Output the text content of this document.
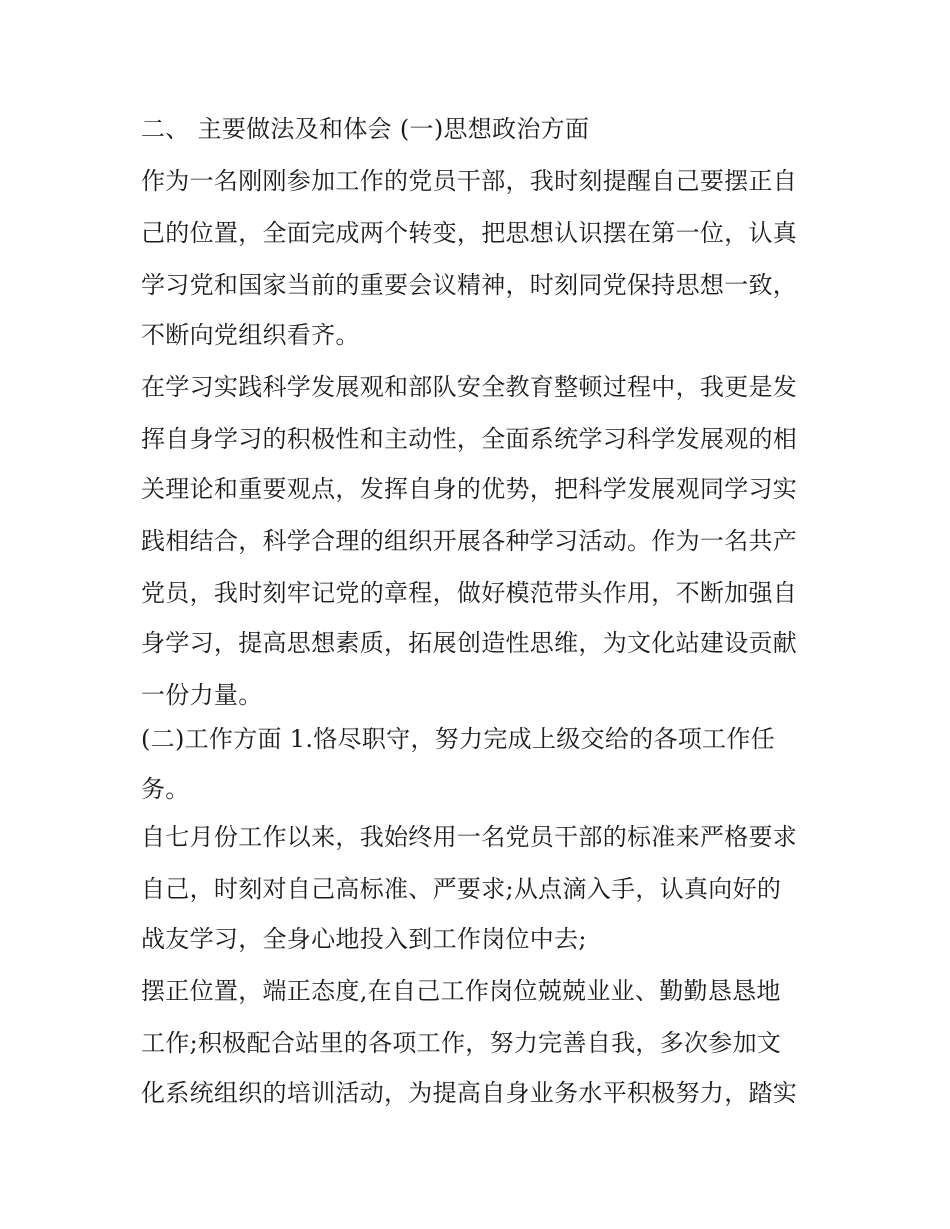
二、 主要做法及和体会 (一)思想政治方面
作为一名刚刚参加工作的党员干部，我时刻提醒自己要摆正自
己的位置，全面完成两个转变，把思想认识摆在第一位，认真
学习党和国家当前的重要会议精神，时刻同党保持思想一致，
不断向党组织看齐。
在学习实践科学发展观和部队安全教育整顿过程中，我更是发
挥自身学习的积极性和主动性，全面系统学习科学发展观的相
关理论和重要观点，发挥自身的优势，把科学发展观同学习实
践相结合，科学合理的组织开展各种学习活动。作为一名共产
党员，我时刻牢记党的章程，做好模范带头作用，不断加强自
身学习，提高思想素质，拓展创造性思维，为文化站建设贡献
一份力量。
(二)工作方面 1.恪尽职守，努力完成上级交给的各项工作任
务。
自七月份工作以来，我始终用一名党员干部的标准来严格要求
自己，时刻对自己高标准、严要求;从点滴入手，认真向好的
战友学习，全身心地投入到工作岗位中去;
摆正位置，端正态度,在自己工作岗位兢兢业业、勤勤恳恳地
工作;积极配合站里的各项工作，努力完善自我，多次参加文
化系统组织的培训活动，为提高自身业务水平积极努力，踏实
